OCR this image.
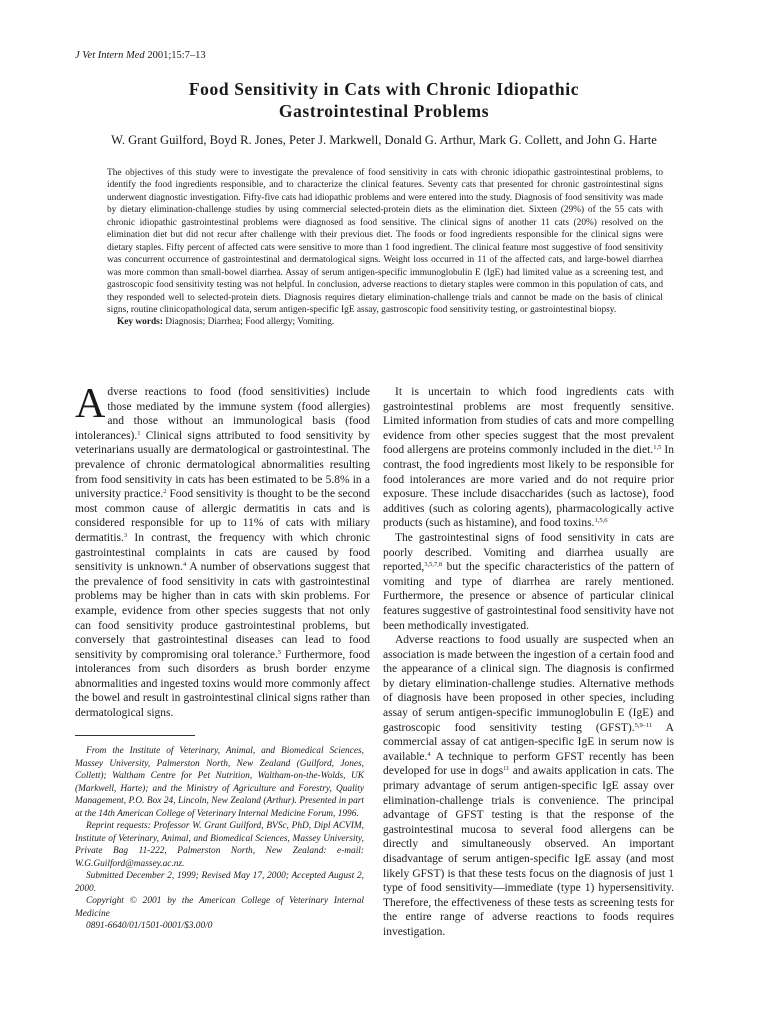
J Vet Intern Med 2001;15:7–13
Food Sensitivity in Cats with Chronic Idiopathic
Gastrointestinal Problems
W. Grant Guilford, Boyd R. Jones, Peter J. Markwell, Donald G. Arthur, Mark G. Collett, and John G. Harte

The objectives of this study were to investigate the prevalence of food sensitivity in cats with chronic idiopathic gastrointestinal problems, to identify the food ingredients responsible, and to characterize the clinical features. Seventy cats that presented for chronic gastrointestinal signs underwent diagnostic investigation. Fifty-five cats had idiopathic problems and were entered into the study. Diagnosis of food sensitivity was made by dietary elimination-challenge studies by using commercial selected-protein diets as the elimination diet. Sixteen (29%) of the 55 cats with chronic idiopathic gastrointestinal problems were diagnosed as food sensitive. The clinical signs of another 11 cats (20%) resolved on the elimination diet but did not recur after challenge with their previous diet. The foods or food ingredients responsible for the clinical signs were dietary staples. Fifty percent of affected cats were sensitive to more than 1 food ingredient. The clinical feature most suggestive of food sensitivity was concurrent occurrence of gastrointestinal and dermatological signs. Weight loss occurred in 11 of the affected cats, and large-bowel diarrhea was more common than small-bowel diarrhea. Assay of serum antigen-specific immunoglobulin E (IgE) had limited value as a screening test, and gastroscopic food sensitivity testing was not helpful. In conclusion, adverse reactions to dietary staples were common in this population of cats, and they responded well to selected-protein diets. Diagnosis requires dietary elimination-challenge trials and cannot be made on the basis of clinical signs, routine clinicopathological data, serum antigen-specific IgE assay, gastroscopic food sensitivity testing, or gastrointestinal biopsy.

Key words: Diagnosis; Diarrhea; Food allergy; Vomiting.

Adverse reactions to food (food sensitivities) include those mediated by the immune system (food allergies) and those without an immunological basis (food intolerances).$^1$ Clinical signs attributed to food sensitivity by veterinarians usually are dermatological or gastrointestinal. The prevalence of chronic dermatological abnormalities resulting from food sensitivity in cats has been estimated to be 5.8% in a university practice.$^2$ Food sensitivity is thought to be the second most common cause of allergic dermatitis in cats and is considered responsible for up to 11% of cats with miliary dermatitis.$^3$ In contrast, the frequency with which chronic gastrointestinal complaints in cats are caused by food sensitivity is unknown.$^4$ A number of observations suggest that the prevalence of food sensitivity in cats with gastrointestinal problems may be higher than in cats with skin problems. For example, evidence from other species suggests that not only can food sensitivity produce gastrointestinal problems, but conversely that gastrointestinal diseases can lead to food sensitivity by compromising oral tolerance.$^5$ Furthermore, food intolerances from such disorders as brush border enzyme abnormalities and ingested toxins would more commonly affect the bowel and result in gastrointestinal clinical signs rather than dermatological signs.

From the Institute of Veterinary, Animal, and Biomedical Sciences, Massey University, Palmerston North, New Zealand (Guilford, Jones, Collett); Waltham Centre for Pet Nutrition, Waltham-on-the-Wolds, UK (Markwell, Harte); and the Ministry of Agriculture and Forestry, Quality Management, P.O. Box 24, Lincoln, New Zealand (Arthur). Presented in part at the 14th American College of Veterinary Internal Medicine Forum, 1996.

Reprint requests: Professor W. Grant Guilford, BVSc, PhD, Dipl ACVIM, Institute of Veterinary, Animal, and Biomedical Sciences, Massey University, Private Bag 11-222, Palmerston North, New Zealand: e-mail: W.G.Guilford@massey.ac.nz.

Submitted December 2, 1999; Revised May 17, 2000; Accepted August 2, 2000.

Copyright © 2001 by the American College of Veterinary Internal Medicine

0891-6640/01/1501-0001/$3.00/0

It is uncertain to which food ingredients cats with gastrointestinal problems are most frequently sensitive. Limited information from studies of cats and more compelling evidence from other species suggest that the most prevalent food allergens are proteins commonly included in the diet.$^{1,5}$ In contrast, the food ingredients most likely to be responsible for food intolerances are more varied and do not require prior exposure. These include disaccharides (such as lactose), food additives (such as coloring agents), pharmacologically active products (such as histamine), and food toxins.$^{1,5,6}$

The gastrointestinal signs of food sensitivity in cats are poorly described. Vomiting and diarrhea usually are reported,$^{3,5,7,8}$ but the specific characteristics of the pattern of vomiting and type of diarrhea are rarely mentioned. Furthermore, the presence or absence of particular clinical features suggestive of gastrointestinal food sensitivity have not been methodically investigated.

Adverse reactions to food usually are suspected when an association is made between the ingestion of a certain food and the appearance of a clinical sign. The diagnosis is confirmed by dietary elimination-challenge studies. Alternative methods of diagnosis have been proposed in other species, including assay of serum antigen-specific immunoglobulin E (IgE) and gastroscopic food sensitivity testing (GFST).$^{5,9-11}$ A commercial assay of cat antigen-specific IgE in serum now is available.$^4$ A technique to perform GFST recently has been developed for use in dogs$^{11}$ and awaits application in cats. The primary advantage of serum antigen-specific IgE assay over elimination-challenge trials is convenience. The principal advantage of GFST testing is that the response of the gastrointestinal mucosa to several food allergens can be directly and simultaneously observed. An important disadvantage of serum antigen-specific IgE assay (and most likely GFST) is that these tests focus on the diagnosis of just 1 type of food sensitivity—immediate (type 1) hypersensitivity. Therefore, the effectiveness of these tests as screening tests for the entire range of adverse reactions to foods requires investigation.
